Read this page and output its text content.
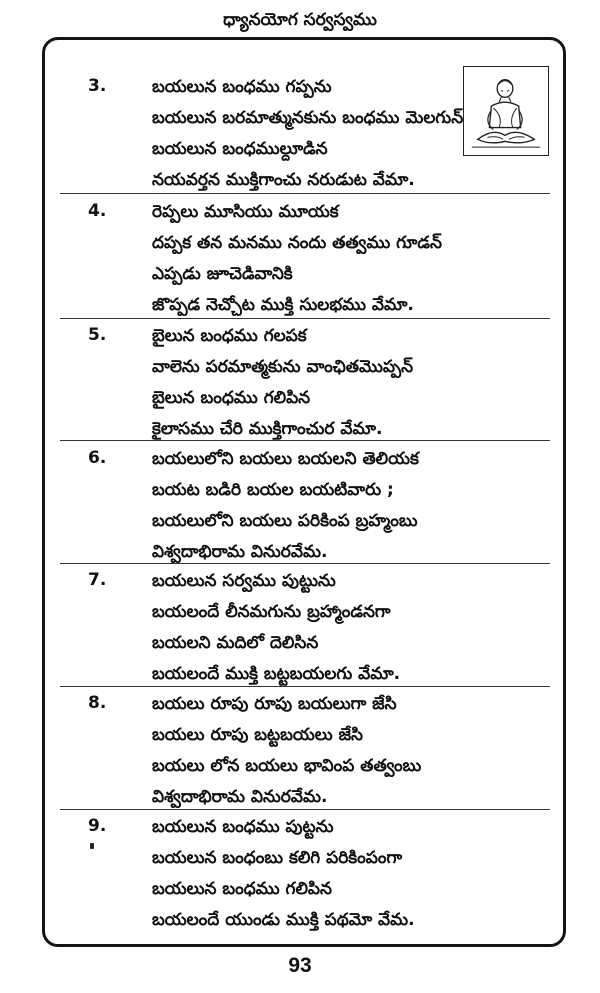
ధ్యానయోగ సర్వస్వము
3.	బయలున బంధము గప్పను
బయలున బరమాత్మునకును బంధము మెలగున్
బయలున బంధముల్దూడిన
నయవర్తన ముక్తిగాంచు నరుడుట వేమా.
4.	రెప్పలు మూసియు మూయక
దప్పక తన మనము నందు తత్వము గూడన్
ఎప్పడు జూచెడివానికి
జొప్పడ నెచ్చోట ముక్తి సులభము వేమా.
5.	బైలున బంధము గలపక
వాలెను పరమాత్మకును వాంఛితమొప్పన్
బైలున బంధము గలిపిన
కైలాసము చేరి ముక్తిగాంచుర వేమా.
6.	బయలులోని బయలు బయలని తెలియక
బయట బడిరి బయల బయటివారు ;
బయలులోని బయలు పరికింప బ్రహ్మంబు
విశ్వదాభిరామ వినురవేమ.
7.	బయలున సర్వము పుట్టును
బయలందే లీనమగును బ్రహ్మాండనగా
బయలని మదిలో దెలిసిన
బయలందే ముక్తి బట్టబయలగు వేమా.
8.	బయలు రూపు రూపు బయలుగా జేసి
బయలు రూపు బట్టబయలు జేసి
బయలు లోన బయలు భావింప తత్వంబు
విశ్వదాభిరామ వినురవేమ.
9.	బయలున బంధము పుట్టను
బయలున బంధంబు కలిగి పరికింపంగా
బయలున బంధము గలిపిన
బయలందే యుండు ముక్తి పథమో వేమ.
93
